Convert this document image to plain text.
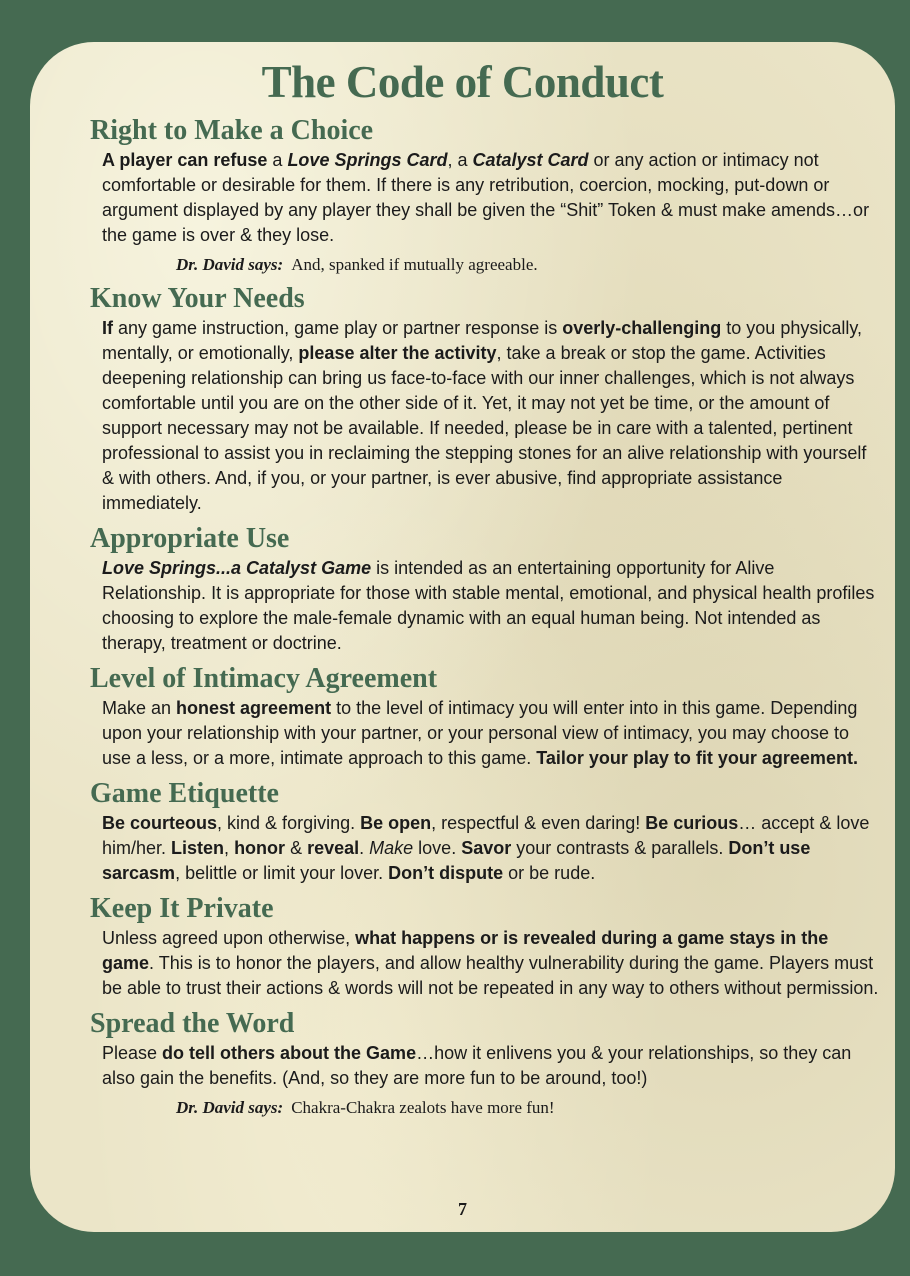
The Code of Conduct
Right to Make a Choice

A player can refuse a Love Springs Card, a Catalyst Card or any action or intimacy not comfortable or desirable for them. If there is any retribution, coercion, mocking, put-down or argument displayed by any player they shall be given the “Shit” Token & must make amends…or the game is over & they lose.

Dr. David says: And, spanked if mutually agreeable.
Know Your Needs

If any game instruction, game play or partner response is overly-challenging to you physically, mentally, or emotionally, please alter the activity, take a break or stop the game. Activities deepening relationship can bring us face-to-face with our inner challenges, which is not always comfortable until you are on the other side of it. Yet, it may not yet be time, or the amount of support necessary may not be available. If needed, please be in care with a talented, pertinent professional to assist you in reclaiming the stepping stones for an alive relationship with yourself & with others. And, if you, or your partner, is ever abusive, find appropriate assistance immediately.

Appropriate Use

Love Springs...a Catalyst Game is intended as an entertaining opportunity for Alive Relationship. It is appropriate for those with stable mental, emotional, and physical health profiles choosing to explore the male-female dynamic with an equal human being. Not intended as therapy, treatment or doctrine.

Level of Intimacy Agreement

Make an honest agreement to the level of intimacy you will enter into in this game. Depending upon your relationship with your partner, or your personal view of intimacy, you may choose to use a less, or a more, intimate approach to this game. Tailor your play to fit your agreement.

Game Etiquette

Be courteous, kind & forgiving. Be open, respectful & even daring! Be curious… accept & love him/her. Listen, honor & reveal. Make love. Savor your contrasts & parallels. Don’t use sarcasm, belittle or limit your lover. Don’t dispute or be rude.

Keep It Private

Unless agreed upon otherwise, what happens or is revealed during a game stays in the game. This is to honor the players, and allow healthy vulnerability during the game. Players must be able to trust their actions & words will not be repeated in any way to others without permission.

Spread the Word

Please do tell others about the Game…how it enlivens you & your relationships, so they can also gain the benefits. (And, so they are more fun to be around, too!)

Dr. David says: Chakra-Chakra zealots have more fun!
7
